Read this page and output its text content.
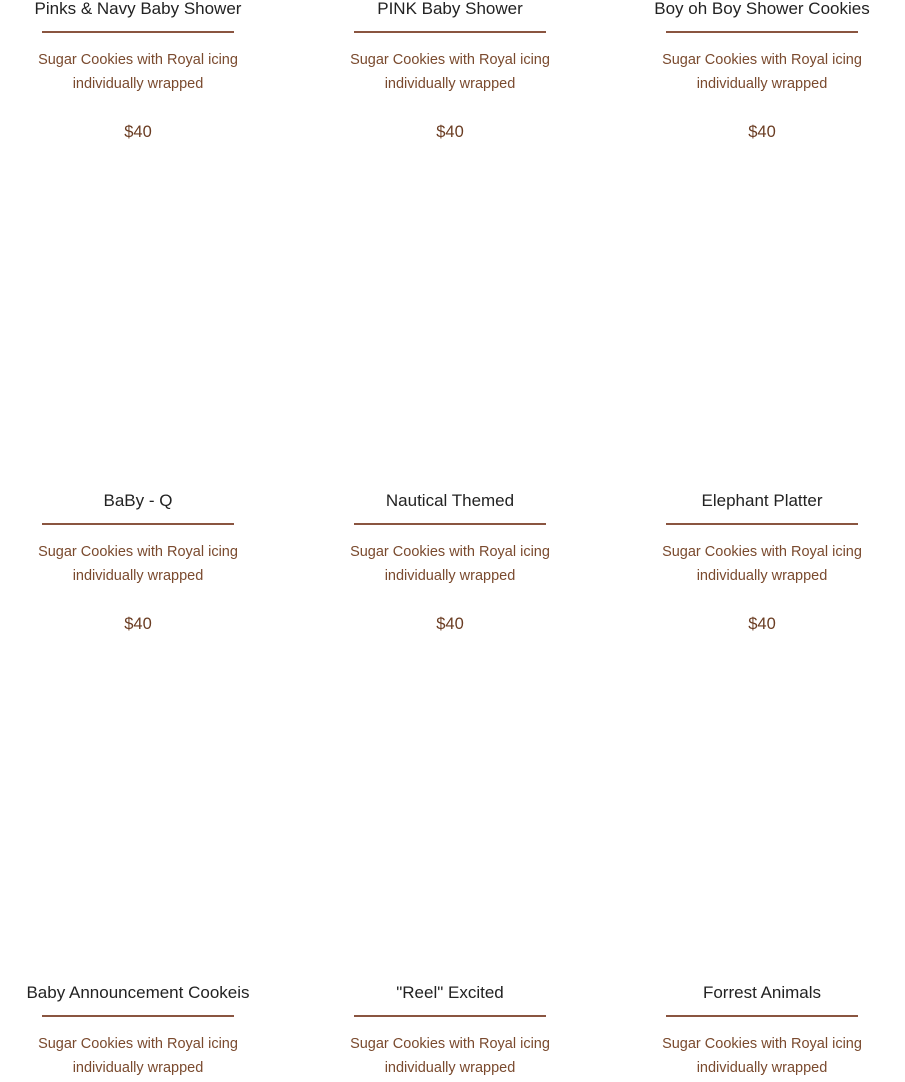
Pinks & Navy Baby Shower
Sugar Cookies with Royal icing individually wrapped
$40
PINK Baby Shower
Sugar Cookies with Royal icing individually wrapped
$40
Boy oh Boy Shower Cookies
Sugar Cookies with Royal icing individually wrapped
$40
BaBy - Q
Sugar Cookies with Royal icing individually wrapped
$40
Nautical Themed
Sugar Cookies with Royal icing individually wrapped
$40
Elephant Platter
Sugar Cookies with Royal icing individually wrapped
$40
Baby Announcement Cookeis
Sugar Cookies with Royal icing individually wrapped
"Reel" Excited
Sugar Cookies with Royal icing individually wrapped
Forrest Animals
Sugar Cookies with Royal icing individually wrapped
